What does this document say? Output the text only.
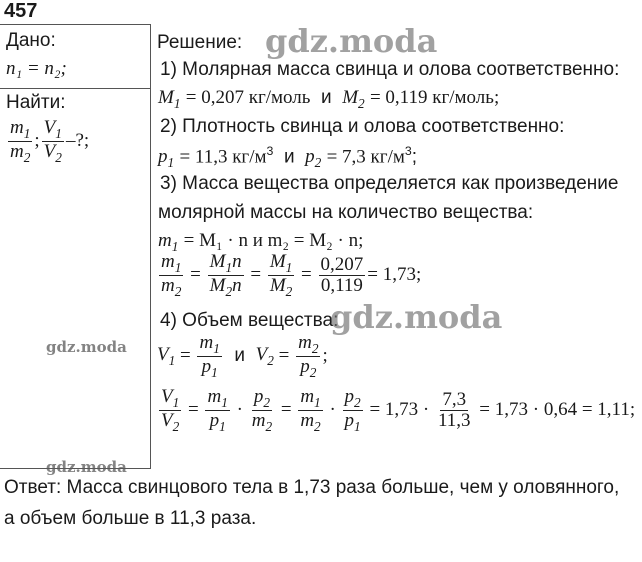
457
Дано:
n₁ = n₂;
Найти:
$\frac{m_1}{m_2}$ ; $\frac{V_1}{V_2}$ –?;
Решение:
1) Молярная масса свинца и олова соответственно:
$M_1 = 0,207$ кг/моль и $M_2 = 0,119$ кг/моль;
2) Плотность свинца и олова соответственно:
$p_1 = 11,3$ $кг/м^3$ и $p_2 = 7,3$ $кг/м^3$;
3) Масса вещества определяется как произведение
молярной массы на количество вещества:
$m_1 = M_1 \cdot n$ и m₂ = M₂ · n;
$\frac{m_1}{m_2} = \frac{M_1n}{M_2n} = \frac{M_1}{M_2} = \frac{0,207}{0,119} = 1,73$;
4) Объем вещества:
$V_1 = \frac{m_1}{p_1}$ и $V_2 = \frac{m_2}{p_2}$ ;
$\frac{V_1}{V_2} = \frac{m_1}{p_1} \cdot \frac{p_2}{m_2} = \frac{m_1}{m_2} \cdot \frac{p_2}{p_1}$
= 1,73 ·
$\frac{7,3}{11,3}$
= 1,73 · 0,64 = 1,11;
Ответ: Масса свинцового тела в 1,73 раза больше, чем у оловянного,
а объем больше в 11,3 раза.
gdz.moda
gdz.moda
gdz.moda
gdz.moda
